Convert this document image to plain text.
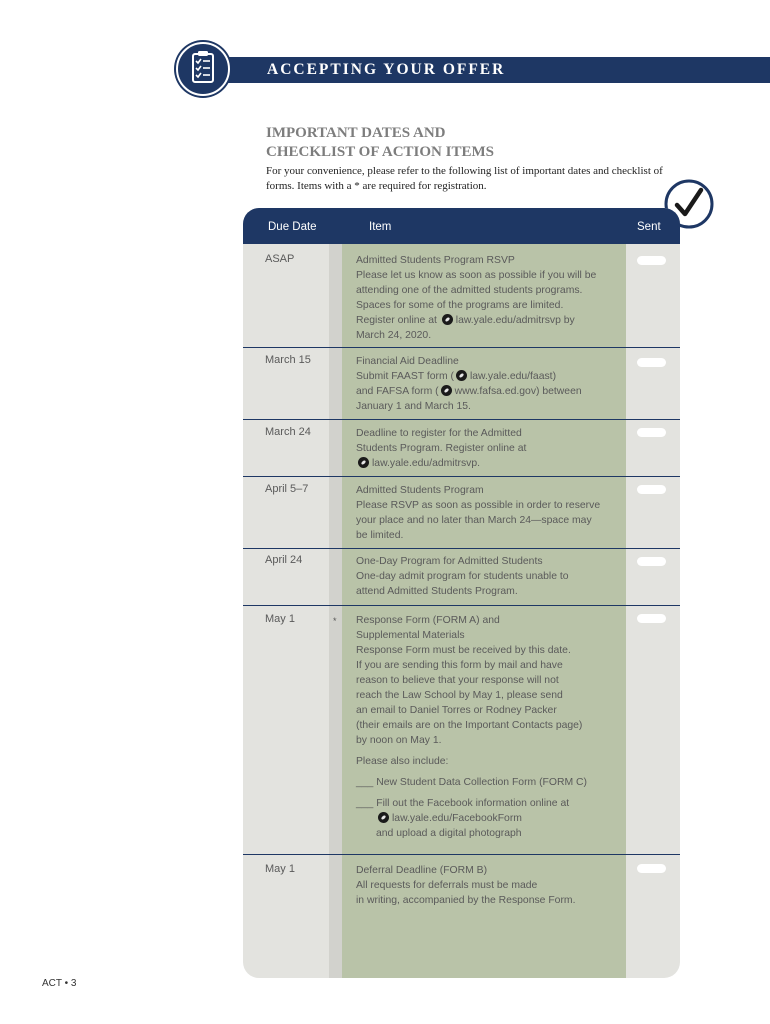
ACCEPTING YOUR OFFER
IMPORTANT DATES AND
CHECKLIST OF ACTION ITEMS
For your convenience, please refer to the following list of important dates and checklist of forms. Items with a * are required for registration.
Due Date	Item	Sent
ASAP	Admitted Students Program RSVP

Please let us know as soon as possible if you will be

attending one of the admitted students programs.

Spaces for some of the programs are limited.

Register online at law.yale.edu/admitrsvp by

March 24, 2020.

March 15	Financial Aid Deadline

Submit FAAST form ( law.yale.edu/faast)

and FAFSA form ( www.fafsa.ed.gov) between

January 1 and March 15.

March 24	Deadline to register for the Admitted

Students Program. Register online at

law.yale.edu/admitrsvp.

April 5–7	Admitted Students Program

Please RSVP as soon as possible in order to reserve

your place and no later than March 24—space may

be limited.

April 24	One-Day Program for Admitted Students

One-day admit program for students unable to

attend Admitted Students Program.

May 1	* Response Form (FORM A) and

Supplemental Materials

Response Form must be received by this date.

If you are sending this form by mail and have

reason to believe that your response will not

reach the Law School by May 1, please send

an email to Daniel Torres or Rodney Packer

(their emails are on the Important Contacts page)

by noon on May 1.

Please also include:

___ New Student Data Collection Form (FORM C)

___ Fill out the Facebook information online at

law.yale.edu/FacebookForm

and upload a digital photograph

May 1	Deferral Deadline (FORM B)

All requests for deferrals must be made

in writing, accompanied by the Response Form.

ACT • 3
